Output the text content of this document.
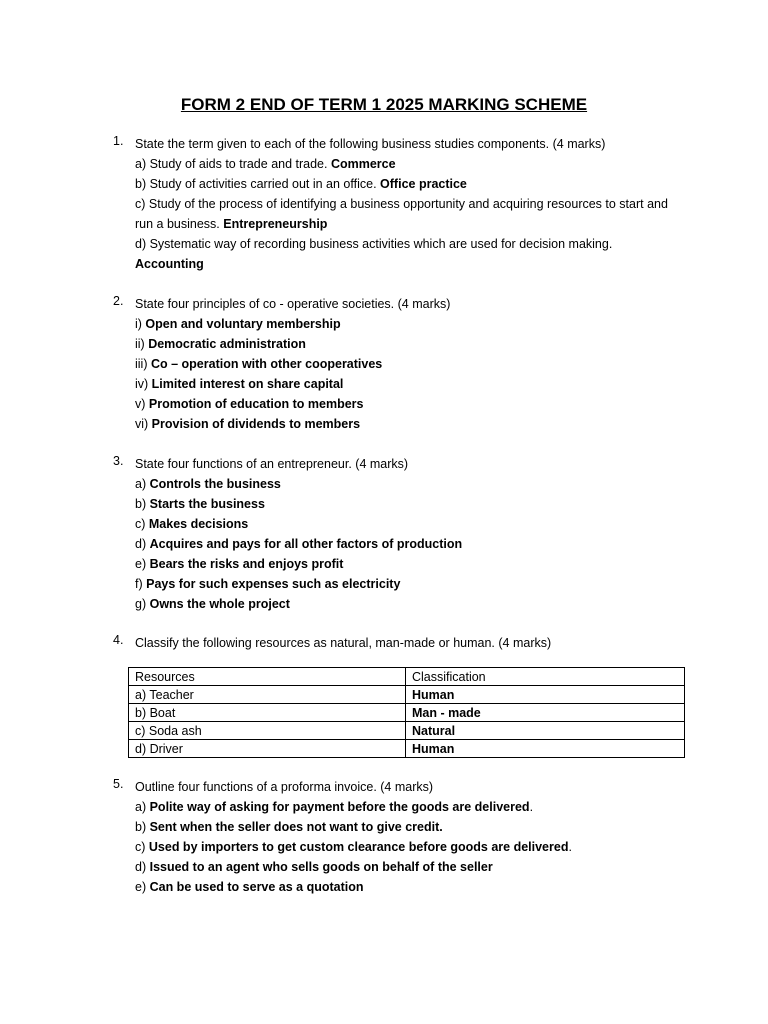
FORM 2 END OF TERM 1 2025 MARKING SCHEME
1. State the term given to each of the following business studies components. (4 marks)
a) Study of aids to trade and trade. Commerce
b) Study of activities carried out in an office. Office practice
c) Study of the process of identifying a business opportunity and acquiring resources to start and
run a business. Entrepreneurship
d) Systematic way of recording business activities which are used for decision making.
Accounting
2. State four principles of co - operative societies. (4 marks)
i) Open and voluntary membership
ii) Democratic administration
iii) Co – operation with other cooperatives
iv) Limited interest on share capital
v) Promotion of education to members
vi) Provision of dividends to members
3. State four functions of an entrepreneur. (4 marks)
a) Controls the business
b) Starts the business
c) Makes decisions
d) Acquires and pays for all other factors of production
e) Bears the risks and enjoys profit
f) Pays for such expenses such as electricity
g) Owns the whole project
4. Classify the following resources as natural, man-made or human. (4 marks)
Resources	Classification
a) Teacher	Human
b) Boat	Man - made
c) Soda ash	Natural
d) Driver	Human
5. Outline four functions of a proforma invoice. (4 marks)
a) Polite way of asking for payment before the goods are delivered.
b) Sent when the seller does not want to give credit.
c) Used by importers to get custom clearance before goods are delivered.
d) Issued to an agent who sells goods on behalf of the seller
e) Can be used to serve as a quotation
